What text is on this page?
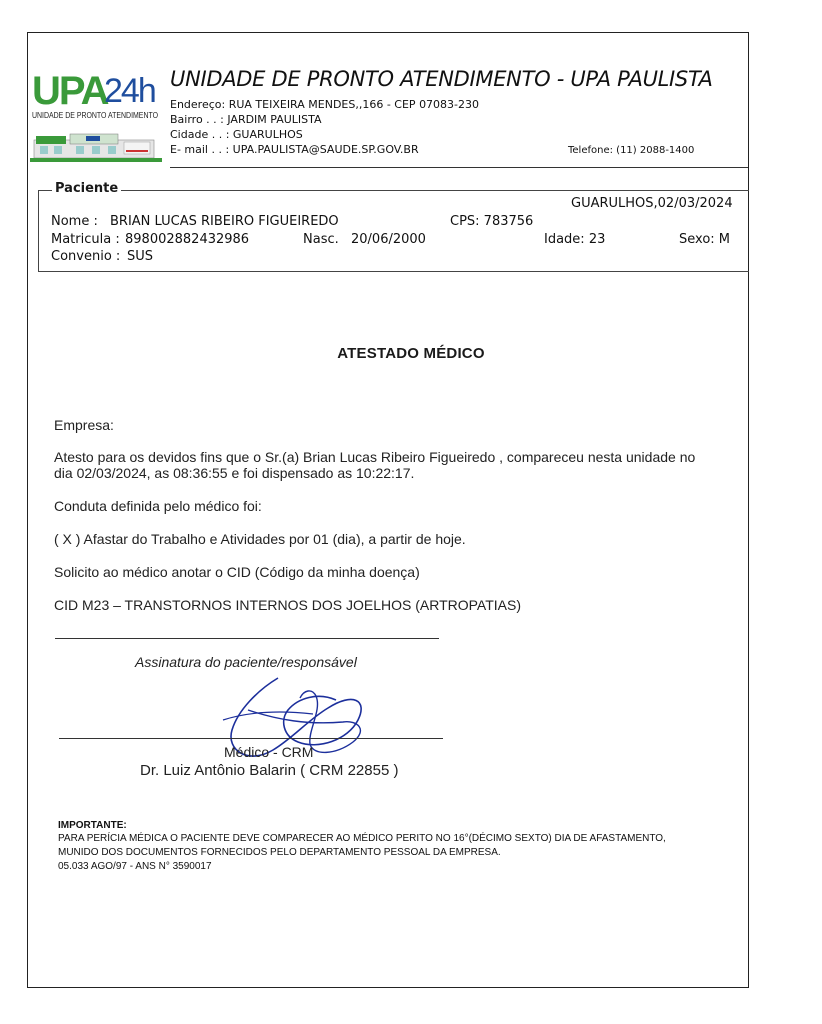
UPA
24h
UNIDADE DE PRONTO ATENDIMENTO
UNIDADE DE PRONTO ATENDIMENTO - UPA PAULISTA
Endereço: RUA TEIXEIRA MENDES,,166 - CEP 07083-230
Bairro . . : JARDIM PAULISTA
Cidade . . : GUARULHOS
E- mail . . : UPA.PAULISTA@SAUDE.SP.GOV.BR	Telefone: (11) 2088-1400
Paciente
GUARULHOS,02/03/2024
Nome : BRIAN LUCAS RIBEIRO FIGUEIREDO	CPS: 783756
Matricula : 898002882432986	Nasc. 20/06/2000	Idade: 23	Sexo: M
Convenio : SUS
ATESTADO MÉDICO
Empresa:
Atesto para os devidos fins que o Sr.(a) Brian Lucas Ribeiro Figueiredo , compareceu nesta unidade no
dia 02/03/2024, as 08:36:55 e foi dispensado as 10:22:17.
Conduta definida pelo médico foi:
( X ) Afastar do Trabalho e Atividades por 01 (dia), a partir de hoje.
Solicito ao médico anotar o CID (Código da minha doença)
CID M23 – TRANSTORNOS INTERNOS DOS JOELHOS (ARTROPATIAS)
Assinatura do paciente/responsável
Médico - CRM
Dr. Luiz Antônio Balarin ( CRM 22855 )
IMPORTANTE:
PARA PERÍCIA MÉDICA O PACIENTE DEVE COMPARECER AO MÉDICO PERITO NO 16°(DÉCIMO SEXTO) DIA DE AFASTAMENTO,
MUNIDO DOS DOCUMENTOS FORNECIDOS PELO DEPARTAMENTO PESSOAL DA EMPRESA.
05.033 AGO/97 - ANS N° 3590017
